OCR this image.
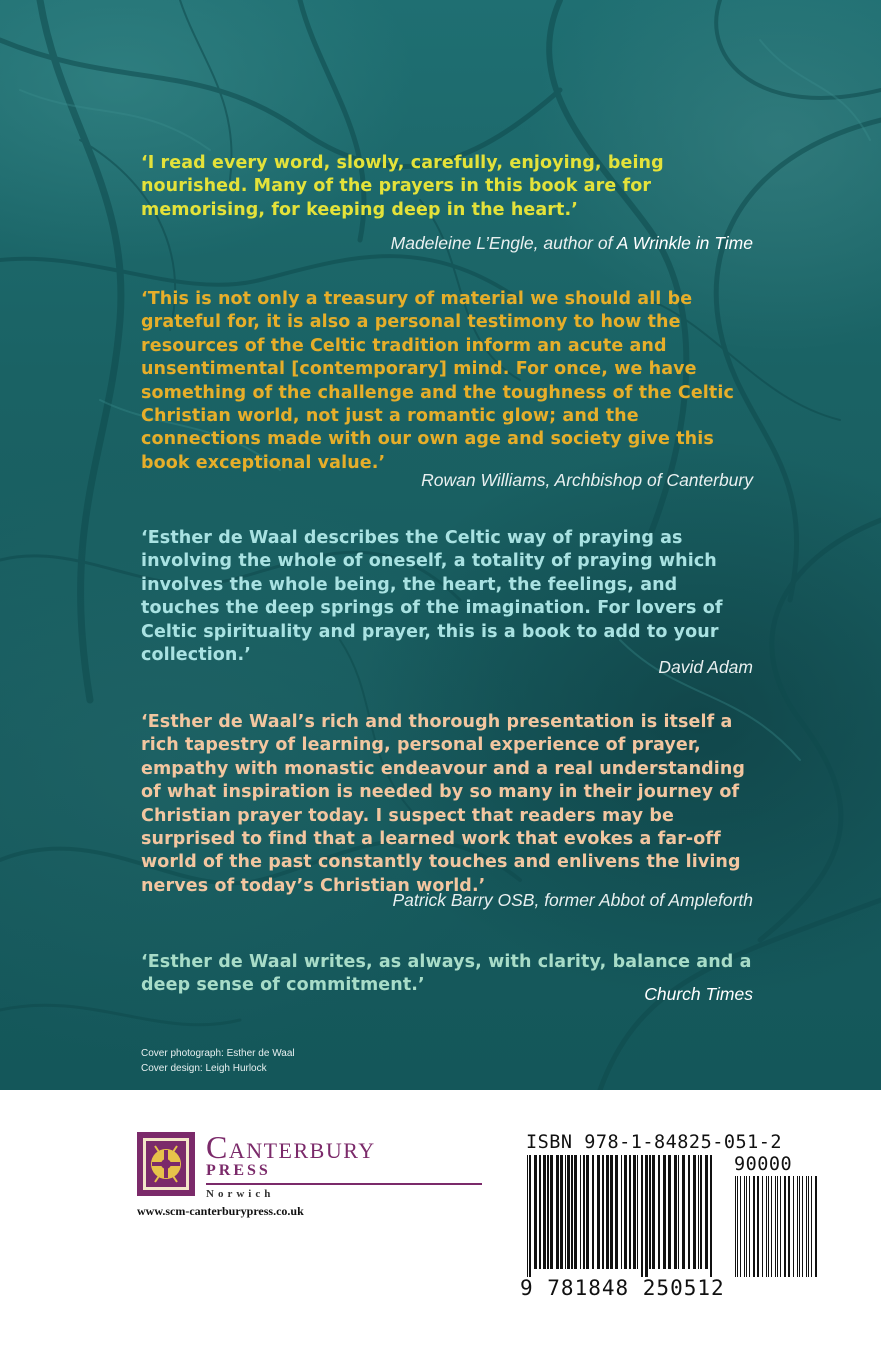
‘I read every word, slowly, carefully, enjoying, being nourished. Many of the prayers in this book are for memorising, for keeping deep in the heart.’

Madeleine L’Engle, author of A Wrinkle in Time

‘This is not only a treasury of material we should all be grateful for, it is also a personal testimony to how the resources of the Celtic tradition inform an acute and unsentimental [contemporary] mind. For once, we have something of the challenge and the toughness of the Celtic Christian world, not just a romantic glow; and the connections made with our own age and society give this book exceptional value.’

Rowan Williams, Archbishop of Canterbury

‘Esther de Waal describes the Celtic way of praying as involving the whole of oneself, a totality of praying which involves the whole being, the heart, the feelings, and touches the deep springs of the imagination. For lovers of Celtic spirituality and prayer, this is a book to add to your collection.’

David Adam

‘Esther de Waal’s rich and thorough presentation is itself a rich tapestry of learning, personal experience of prayer, empathy with monastic endeavour and a real understanding of what inspiration is needed by so many in their journey of Christian prayer today. I suspect that readers may be surprised to find that a learned work that evokes a far-off world of the past constantly touches and enlivens the living nerves of today’s Christian world.’

Patrick Barry OSB, former Abbot of Ampleforth

‘Esther de Waal writes, as always, with clarity, balance and a deep sense of commitment.’	Church Times
Cover photograph: Esther de Waal
Cover design: Leigh Hurlock
Canterbury
PRESS
Norwich
www.scm-canterburypress.co.uk
ISBN 978-1-84825-051-2
90000
9 781848 250512
